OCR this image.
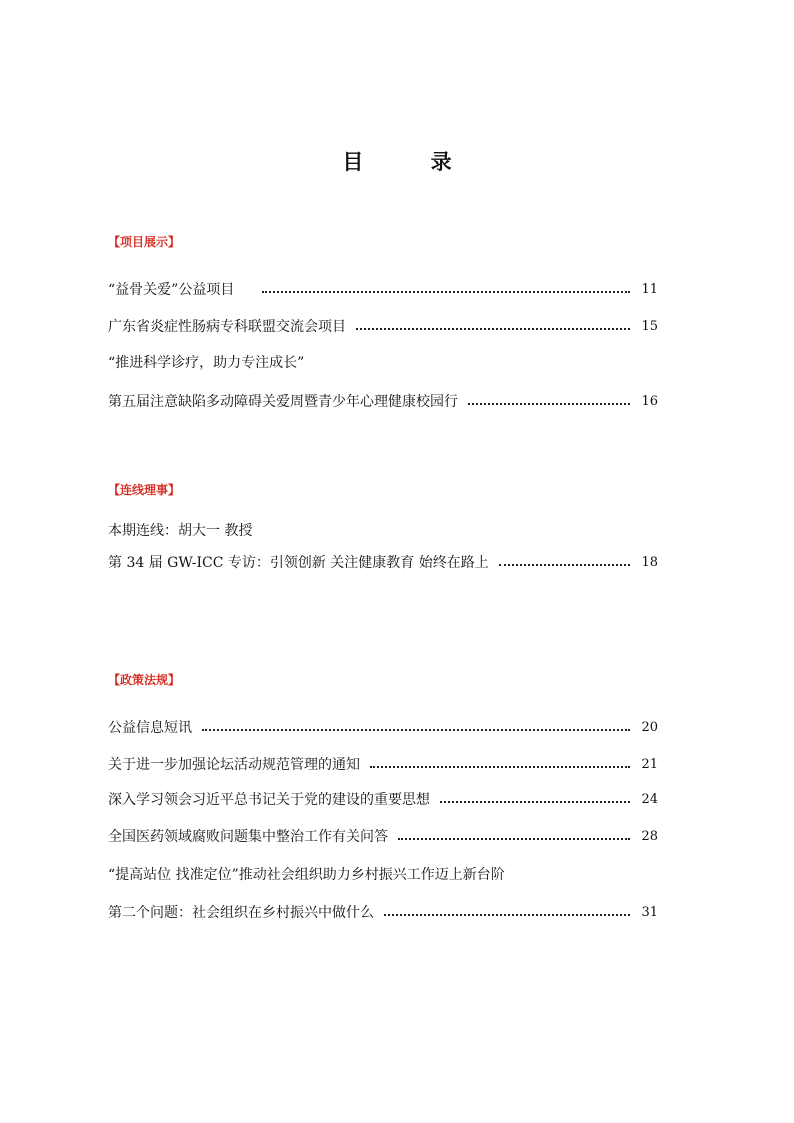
目 录
【项目展示】
“益骨关爱”公益项目	11
广东省炎症性肠病专科联盟交流会项目	15
“推进科学诊疗，助力专注成长”
第五届注意缺陷多动障碍关爱周暨青少年心理健康校园行	16
【连线理事】
本期连线：胡大一 教授
第 34 届 GW-ICC 专访：引领创新 关注健康教育 始终在路上	18
【政策法规】
公益信息短讯	20
关于进一步加强论坛活动规范管理的通知	21
深入学习领会习近平总书记关于党的建设的重要思想	24
全国医药领域腐败问题集中整治工作有关问答	28
“提高站位 找准定位”推动社会组织助力乡村振兴工作迈上新台阶
第二个问题：社会组织在乡村振兴中做什么	31
